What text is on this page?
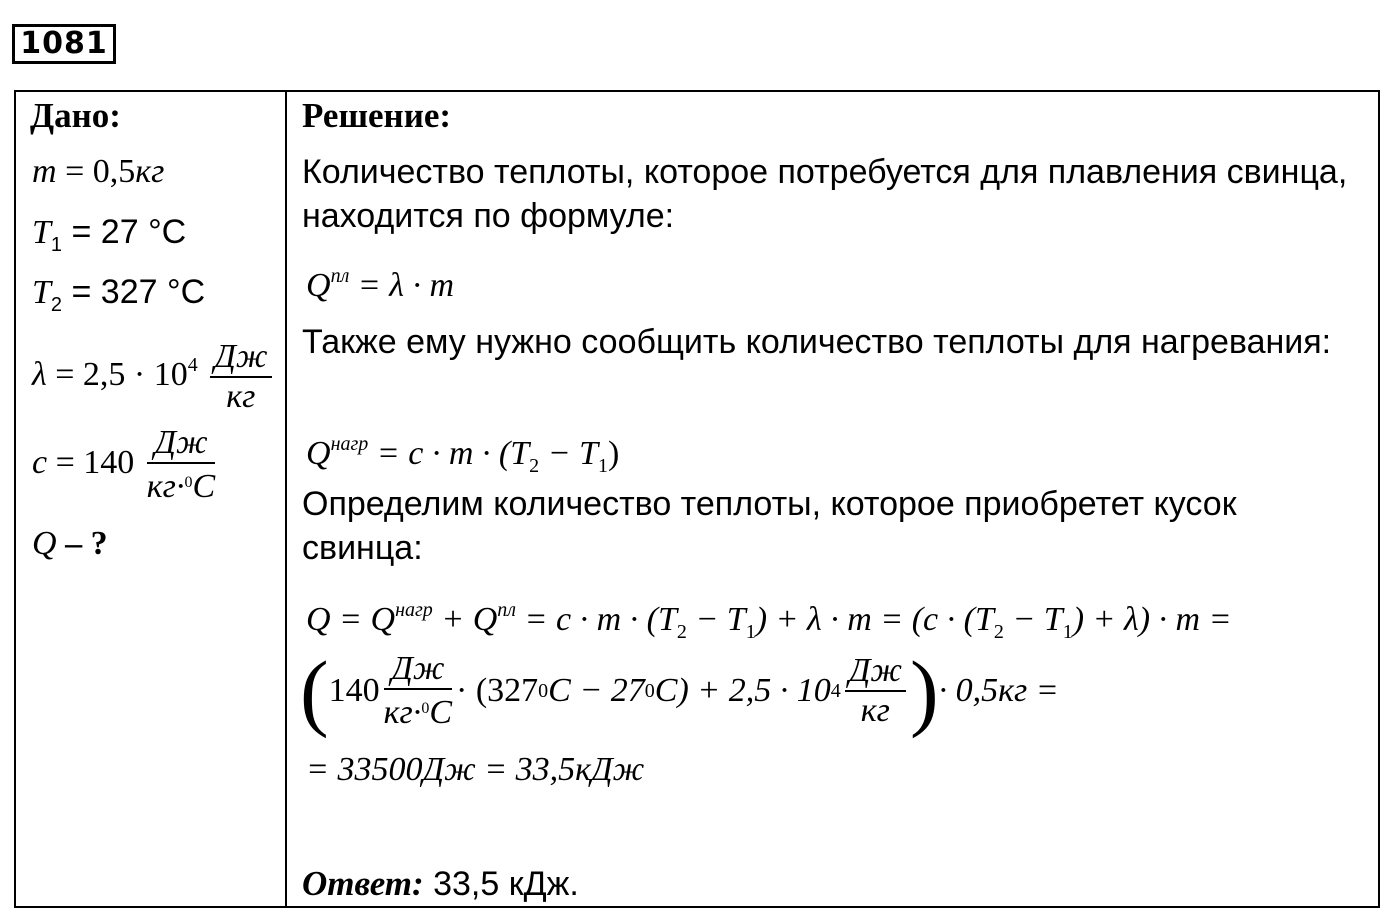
1081
Дано:
m = 0,5кг
$T_1 = 27$ °C
$T_2 = 327$ °C
$\lambda = 2,5 \cdot 10^4 \frac{Дж}{кг}$
$c = 140 \frac{Дж}{кг\cdot^0C}$
Q – ?
Решение:
Количество теплоты, которое потребуется для плавления свинца, находится по формуле:
$Q^{пл} = \lambda \cdot m$
Также ему нужно сообщить количество теплоты для нагревания:
$Q^{нагр} = c \cdot m \cdot (T_2 - T_1)$
Определим количество теплоты, которое приобретет кусок свинца:
$Q = Q^{нагр} + Q^{пл} = c \cdot m \cdot (T_2 - T_1) + \lambda \cdot m = (c \cdot (T_2 - T_1) + \lambda) \cdot m$ =
( $140 \frac{Дж}{кг\cdot^0C} \cdot (327$ 0 C − 27 0 C) + 2,5 · 10 $4 \frac{Дж}{кг}$ ) · 0,5кг =
= 33500Дж = 33,5кДж
Ответ: 33,5 кДж.
